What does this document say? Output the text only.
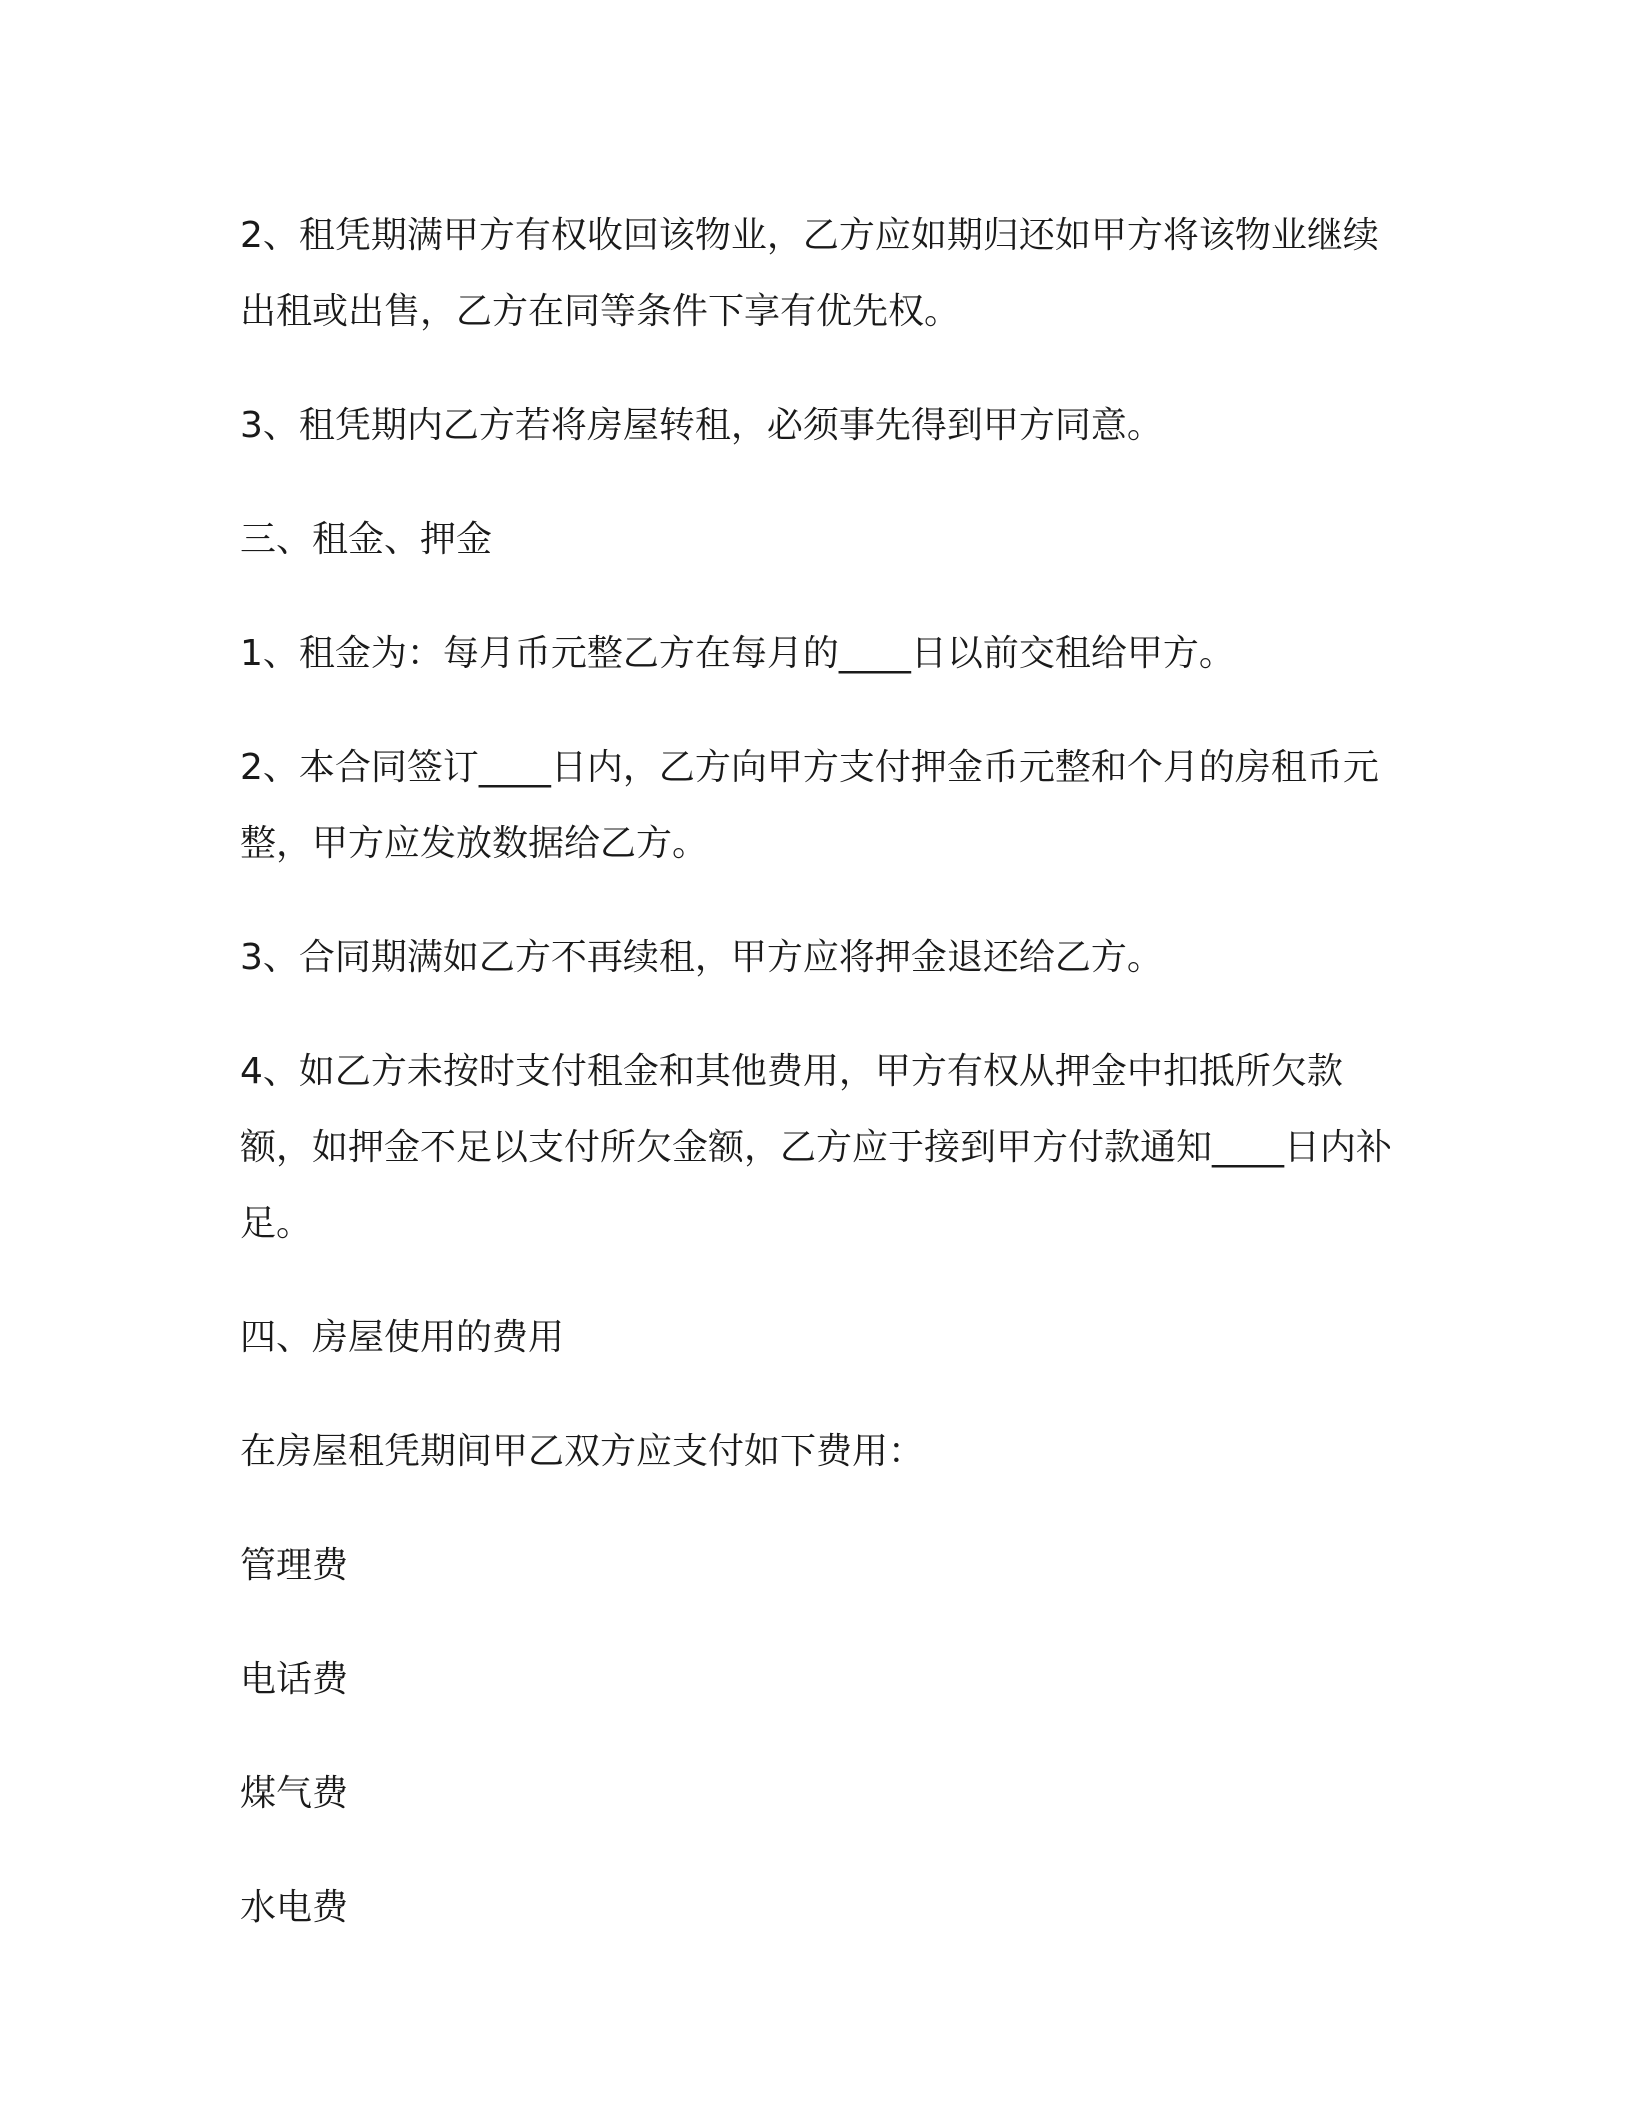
2、租凭期满甲方有权收回该物业，乙方应如期归还如甲方将该物业继续出租或出售，乙方在同等条件下享有优先权。

3、租凭期内乙方若将房屋转租，必须事先得到甲方同意。

三、租金、押金

1、租金为：每月币元整乙方在每月的____日以前交租给甲方。

2、本合同签订____日内，乙方向甲方支付押金币元整和个月的房租币元整，甲方应发放数据给乙方。

3、合同期满如乙方不再续租，甲方应将押金退还给乙方。

4、如乙方未按时支付租金和其他费用，甲方有权从押金中扣抵所欠款额，如押金不足以支付所欠金额，乙方应于接到甲方付款通知____日内补足。

四、房屋使用的费用

在房屋租凭期间甲乙双方应支付如下费用：

管理费

电话费

煤气费

水电费
